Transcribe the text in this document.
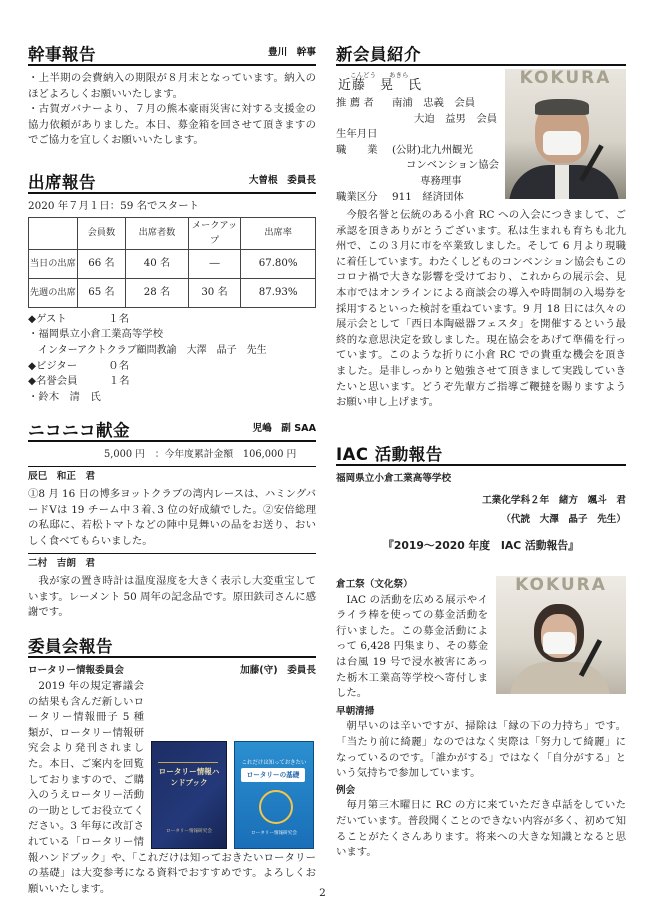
幹事報告	豊川　幹事

・上半期の会費納入の期限が８月末となっています。納入のほどよろしくお願いいたします。

・古賀ガバナーより、７月の熊本豪雨災害に対する支援金の協力依頼がありました。本日、募金箱を回させて頂きますのでご協力を宜しくお願いいたします。

出席報告	大曽根　委員長

2020 年７月１日：59 名でスタート

	会員数	出席者数	メークアップ	出席率
当日の出席	66 名	40 名	―	67.80%
先週の出席	65 名	28 名	30 名	87.93%

◆ゲスト　　　　１名

・福岡県立小倉工業高等学校

　インターアクトクラブ顧問教諭　大澤　晶子　先生

◆ビジター　　　０名

◆名誉会員　　　１名

・鈴木　清　氏

ニコニコ献金	児嶋　副 SAA

5,000 円　：今年度累計金額　106,000 円

辰巳　和正　君

①8 月 16 日の博多ヨットクラブの湾内レースは、ハミングバードⅤは 19 チーム中３着､3 位の好成績でした。②安倍総理の私邸に、若松トマトなどの陣中見舞いの品をお送り、おいしく食べてもらいました。

二村　吉朗　君

我が家の置き時計は温度湿度を大きく表示し大変重宝しています。レーメント 50 周年の記念品です。原田鉄司さんに感謝です。

委員会報告
ロータリー情報委員会	加藤(守)　委員長
ロータリー情報ハンドブック
ロータリー情報研究会
これだけは知っておきたい
ロータリーの基礎
ロータリー情報研究会

2019 年の規定審議会の結果も含んだ新しいロータリー情報冊子 5 種類が、ロータリー情報研究会より発刊されました。本日、ご案内を回覧しておりますので、ご購入のうえロータリー活動の一助としてお役立てください。3 年毎に改訂されている「ロータリー情報ハンドブック」や、「これだけは知っておきたいロータリーの基礎」は大変参考になる資料でおすすめです。よろしくお願いいたします。

新会員紹介
KOKURA
こんどう　　あきら
近藤　晃　氏
推 薦 者	南浦　忠義　会員
大迫　益男　会員
生年月日
職　　業	(公財)北九州観光
コンベンション協会
専務理事
職業区分	911　経済団体

今般名誉と伝統のある小倉 RC への入会につきまして、ご承認を頂きありがとうございます。私は生まれも育ちも北九州で、この３月に市を卒業致しました。そして 6 月より現職に着任しています。わたくしどものコンベンション協会もこのコロナ禍で大きな影響を受けており、これからの展示会、見本市ではオンラインによる商談会の導入や時間制の入場券を採用するといった検討を重ねています。9 月 18 日には久々の展示会として「西日本陶磁器フェスタ」を開催するという最終的な意思決定を致しました。現在協会をあげて準備を行っています。このような折りに小倉 RC での貴重な機会を頂きました。是非しっかりと勉強させて頂きまして実践していきたいと思います。どうぞ先輩方ご指導ご鞭撻を賜りますようお願い申し上げます。

IAC 活動報告

福岡県立小倉工業高等学校

工業化学科２年　緒方　颯斗　君

（代読　大澤　晶子　先生）

『2019～2020 年度　IAC 活動報告』

KOKURA

倉工祭（文化祭）

IAC の活動を広める展示やイライラ棒を使っての募金活動を行いました。この募金活動によって 6,428 円集まり、その募金は台風 19 号で浸水被害にあった栃木工業高等学校へ寄付しました。

早朝清掃

朝早いのは辛いですが、掃除は「縁の下の力持ち」です。「当たり前に綺麗」なのではなく実際は「努力して綺麗」になっているのです。「誰かがする」ではなく「自分がする」という気持ちで参加しています。

例会

毎月第三木曜日に RC の方に来ていただき卓話をしていただいています。普段聞くことのできない内容が多く、初めて知ることがたくさんあります。将来への大きな知識となると思います。

2
